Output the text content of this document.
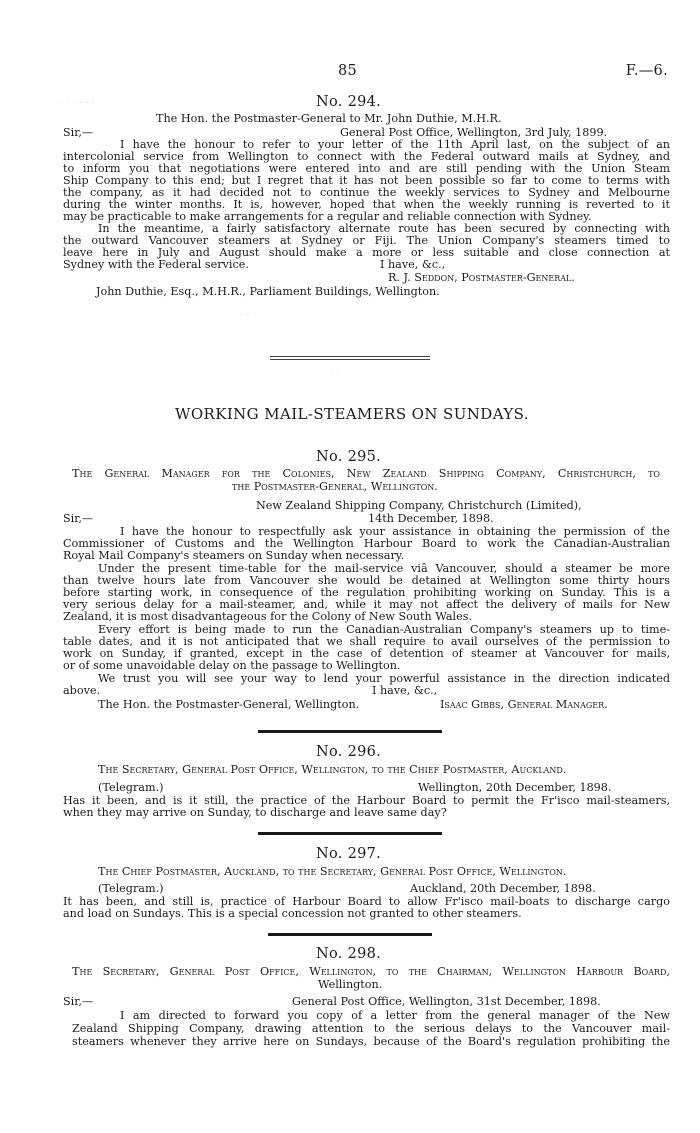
· · · · · ·
· · ·
· ·
85	F.—6.
No. 294.
The Hon. the Postmaster-General to Mr. John Duthie, M.H.R.
Sir,—	General Post Office, Wellington, 3rd July, 1899.
I have the honour to refer to your letter of the 11th April last, on the subject of an
intercolonial service from Wellington to connect with the Federal outward mails at Sydney, and
to inform you that negotiations were entered into and are still pending with the Union Steam
Ship Company to this end; but I regret that it has not been possible so far to come to terms with
the company, as it had decided not to continue the weekly services to Sydney and Melbourne
during the winter months. It is, however, hoped that when the weekly running is reverted to it
may be practicable to make arrangements for a regular and reliable connection with Sydney.
In the meantime, a fairly satisfactory alternate route has been secured by connecting with
the outward Vancouver steamers at Sydney or Fiji. The Union Company's steamers timed to
leave here in July and August should make a more or less suitable and close connection at
Sydney with the Federal service.	I have, &c.,
R. J. Seddon, Postmaster-General.
John Duthie, Esq., M.H.R., Parliament Buildings, Wellington.
WORKING MAIL-STEAMERS ON SUNDAYS.
No. 295.
The General Manager for the Colonies, New Zealand Shipping Company, Christchurch, to
the Postmaster-General, Wellington.
New Zealand Shipping Company, Christchurch (Limited),
Sir,—	14th December, 1898.
I have the honour to respectfully ask your assistance in obtaining the permission of the
Commissioner of Customs and the Wellington Harbour Board to work the Canadian-Australian
Royal Mail Company's steamers on Sunday when necessary.
Under the present time-table for the mail-service viâ Vancouver, should a steamer be more
than twelve hours late from Vancouver she would be detained at Wellington some thirty hours
before starting work, in consequence of the regulation prohibiting working on Sunday. This is a
very serious delay for a mail-steamer, and, while it may not affect the delivery of mails for New
Zealand, it is most disadvantageous for the Colony of New South Wales.
Every effort is being made to run the Canadian-Australian Company's steamers up to time-
table dates, and it is not anticipated that we shall require to avail ourselves of the permission to
work on Sunday, if granted, except in the case of detention of steamer at Vancouver for mails,
or of some unavoidable delay on the passage to Wellington.
We trust you will see your way to lend your powerful assistance in the direction indicated
above.	I have, &c.,
The Hon. the Postmaster-General, Wellington.	Isaac Gibbs, General Manager.
No. 296.
The Secretary, General Post Office, Wellington, to the Chief Postmaster, Auckland.
(Telegram.)	Wellington, 20th December, 1898.
Has it been, and is it still, the practice of the Harbour Board to permit the Fr'isco mail-steamers,
when they may arrive on Sunday, to discharge and leave same day?
No. 297.
The Chief Postmaster, Auckland, to the Secretary, General Post Office, Wellington.
(Telegram.)	Auckland, 20th December, 1898.
It has been, and still is, practice of Harbour Board to allow Fr'isco mail-boats to discharge cargo
and load on Sundays. This is a special concession not granted to other steamers.
No. 298.
The Secretary, General Post Office, Wellington, to the Chairman, Wellington Harbour Board,
Wellington.
Sir,—	General Post Office, Wellington, 31st December, 1898.
I am directed to forward you copy of a letter from the general manager of the New
Zealand Shipping Company, drawing attention to the serious delays to the Vancouver mail-
steamers whenever they arrive here on Sundays, because of the Board's regulation prohibiting the
